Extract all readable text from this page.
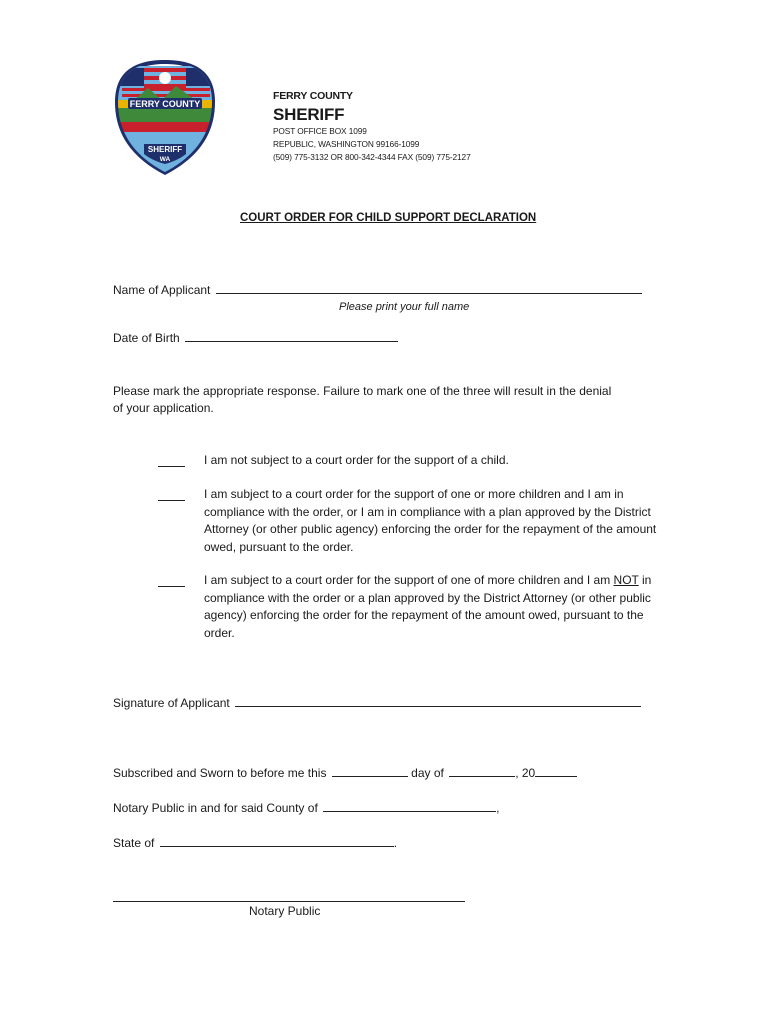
FERRY COUNTY
SHERIFF
WA
FERRY COUNTY
SHERIFF
POST OFFICE BOX 1099
REPUBLIC, WASHINGTON 99166-1099
(509) 775-3132 OR 800-342-4344 FAX (509) 775-2127
COURT ORDER FOR CHILD SUPPORT DECLARATION
Name of Applicant
Please print your full name
Date of Birth
Please mark the appropriate response. Failure to mark one of the three will result in the denial
of your application.
I am not subject to a court order for the support of a child.
I am subject to a court order for the support of one or more children and I am in compliance with the order, or I am in compliance with a plan approved by the District Attorney (or other public agency) enforcing the order for the repayment of the amount owed, pursuant to the order.
I am subject to a court order for the support of one of more children and I am NOT in compliance with the order or a plan approved by the District Attorney (or other public agency) enforcing the order for the repayment of the amount owed, pursuant to the order.
Signature of Applicant
Subscribed and Sworn to before me this	day of	, 20
Notary Public in and for said County of	,
State of	.
Notary Public
